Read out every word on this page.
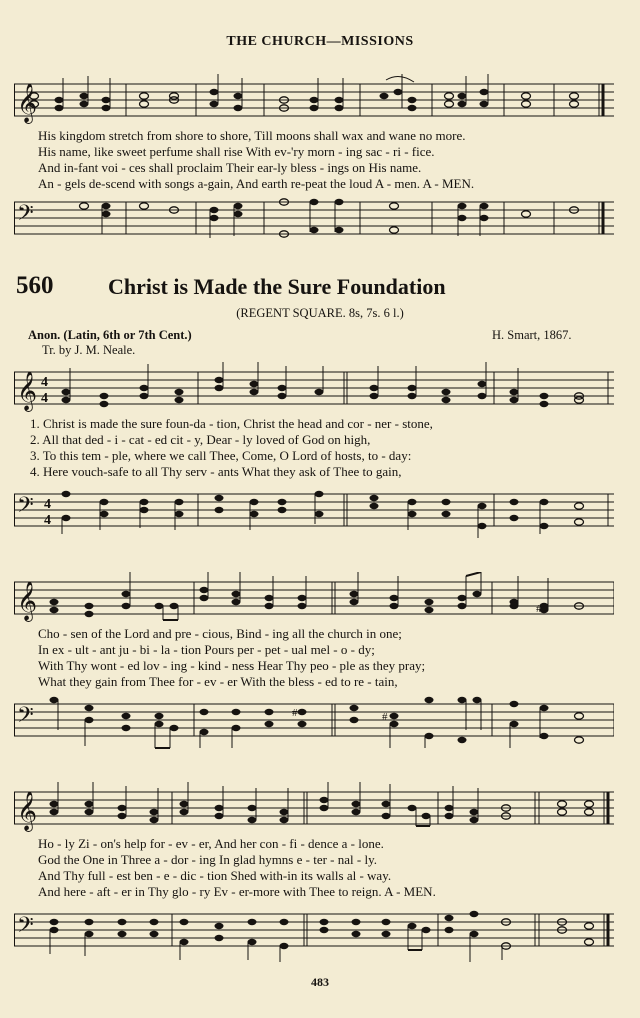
THE CHURCH—MISSIONS
𝄞
His kingdom stretch from shore to shore, Till moons shall wax and wane no more.
His name, like sweet perfume shall rise With ev-'ry morn - ing sac - ri - fice.
And in-fant voi - ces shall proclaim Their ear-ly bless - ings on His name.
An - gels de-scend with songs a-gain, And earth re-peat the loud A - men. A - MEN.
𝄢
560 Christ is Made the Sure Foundation
(REGENT SQUARE. 8s, 7s. 6 l.)
Anon. (Latin, 6th or 7th Cent.)
Tr. by J. M. Neale.
H. Smart, 1867.
𝄞 4
4
1. Christ is made the sure foun-da - tion, Christ the head and cor - ner - stone,
2. All that ded - i - cat - ed cit - y, Dear - ly loved of God on high,
3. To this tem - ple, where we call Thee, Come, O Lord of hosts, to - day:
4. Here vouch-safe to all Thy serv - ants What they ask of Thee to gain,
𝄢 4
4
𝄞	#
Cho - sen of the Lord and pre - cious, Bind - ing all the church in one;
In ex - ult - ant ju - bi - la - tion Pours per - pet - ual mel - o - dy;
With Thy wont - ed lov - ing - kind - ness Hear Thy peo - ple as they pray;
What they gain from Thee for - ev - er With the bless - ed to re - tain,
𝄢	#	#
𝄞
Ho - ly Zi - on's help for - ev - er, And her con - fi - dence a - lone.
God the One in Three a - dor - ing In glad hymns e - ter - nal - ly.
And Thy full - est ben - e - dic - tion Shed with-in its walls al - way.
And here - aft - er in Thy glo - ry Ev - er-more with Thee to reign. A - MEN.
𝄢
483
